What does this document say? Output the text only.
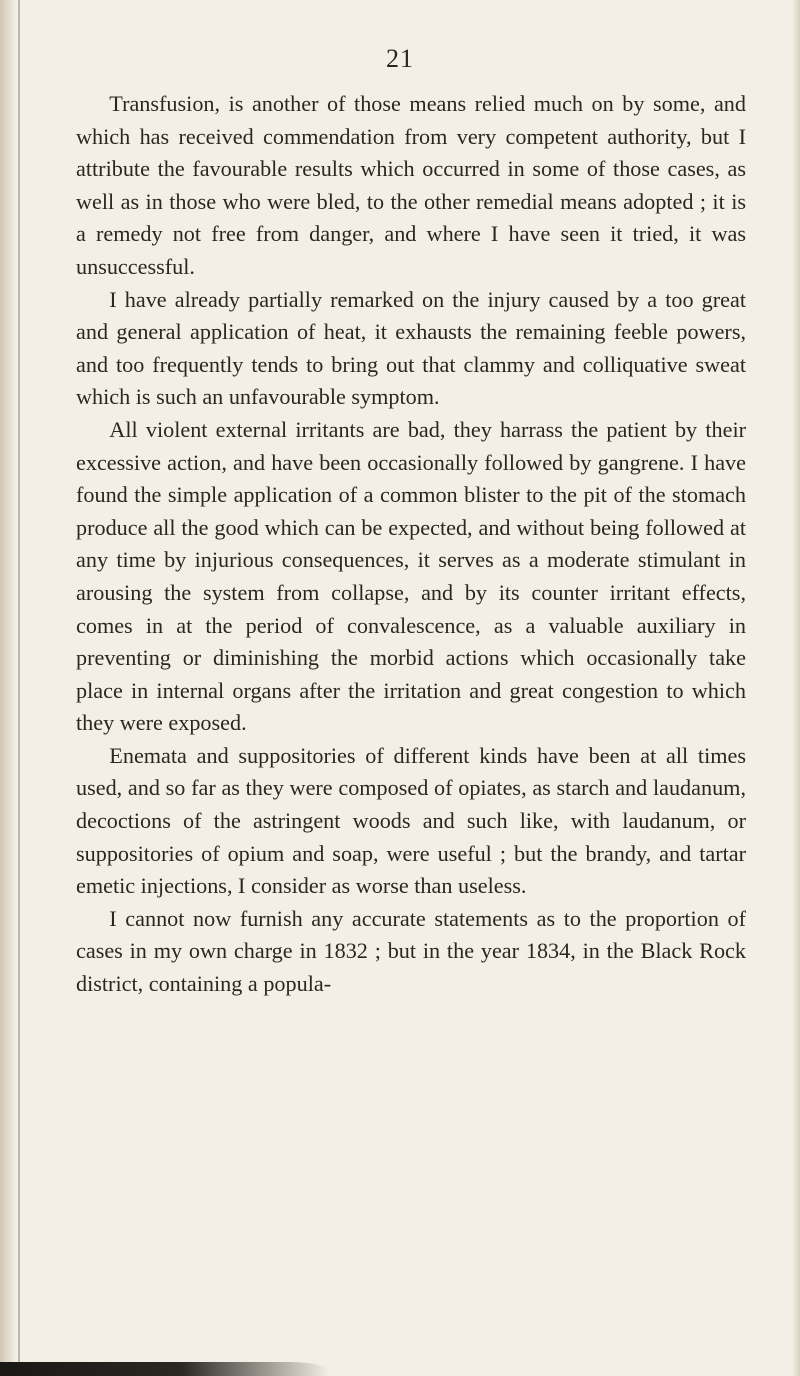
21

Transfusion, is another of those means relied much on by some, and which has received commendation from very competent authority, but I attribute the favourable results which occurred in some of those cases, as well as in those who were bled, to the other remedial means adopted ; it is a remedy not free from danger, and where I have seen it tried, it was unsuccessful.

I have already partially remarked on the injury caused by a too great and general application of heat, it exhausts the remaining feeble powers, and too frequently tends to bring out that clammy and colliquative sweat which is such an unfavourable symptom.

All violent external irritants are bad, they harrass the patient by their excessive action, and have been occasionally followed by gangrene. I have found the simple application of a common blister to the pit of the stomach produce all the good which can be expected, and without being followed at any time by injurious consequences, it serves as a moderate stimulant in arousing the system from collapse, and by its counter irritant effects, comes in at the period of convalescence, as a valuable auxiliary in preventing or diminishing the morbid actions which occasionally take place in internal organs after the irritation and great congestion to which they were exposed.

Enemata and suppositories of different kinds have been at all times used, and so far as they were composed of opiates, as starch and laudanum, decoctions of the astringent woods and such like, with laudanum, or suppositories of opium and soap, were useful ; but the brandy, and tartar emetic injections, I consider as worse than useless.

I cannot now furnish any accurate statements as to the proportion of cases in my own charge in 1832 ; but in the year 1834, in the Black Rock district, containing a popula-
